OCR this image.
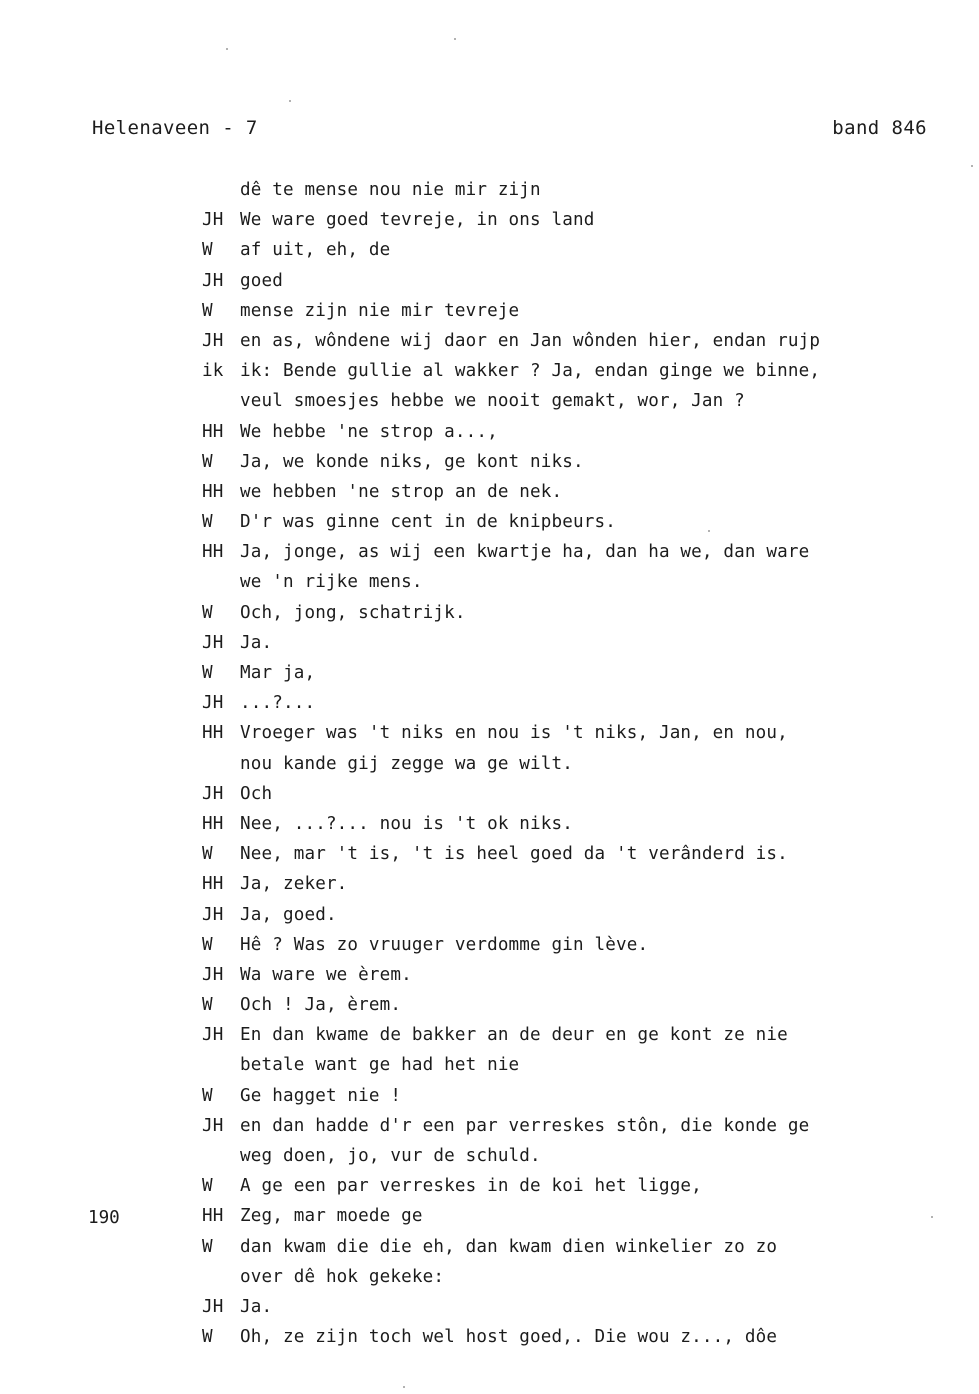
Helenaveen - 7	band 846
dê te mense nou nie mir zijn
JH We ware goed tevreje, in ons land
W	af uit, eh, de
JH goed
W	mense zijn nie mir tevreje
JH en as, wôndene wij daor en Jan wônden hier, endan rujp
ik ik: Bende gullie al wakker ? Ja, endan ginge we binne,
veul smoesjes hebbe we nooit gemakt, wor, Jan ?
HH We hebbe 'ne strop a...,
W	Ja, we konde niks, ge kont niks.
HH we hebben 'ne strop an de nek.
W	D'r was ginne cent in de knipbeurs.
HH Ja, jonge, as wij een kwartje ha, dan ha we, dan ware
we 'n rijke mens.
W	Och, jong, schatrijk.
JH Ja.
W	Mar ja,
JH ...?...
HH Vroeger was 't niks en nou is 't niks, Jan, en nou,
nou kande gij zegge wa ge wilt.
JH Och
HH Nee, ...?... nou is 't ok niks.
W	Nee, mar 't is, 't is heel goed da 't verânderd is.
HH Ja, zeker.
JH Ja, goed.
W	Hê ? Was zo vruuger verdomme gin lève.
JH Wa ware we èrem.
W	Och ! Ja, èrem.
JH En dan kwame de bakker an de deur en ge kont ze nie
betale want ge had het nie
W	Ge hagget nie !
JH en dan hadde d'r een par verreskes stôn, die konde ge
weg doen, jo, vur de schuld.
W	A ge een par verreskes in de koi het ligge,
HH Zeg, mar moede ge
W	dan kwam die die eh, dan kwam dien winkelier zo zo
over dê hok gekeke:
JH Ja.
W	Oh, ze zijn toch wel host goed,. Die wou z..., dôe
190
